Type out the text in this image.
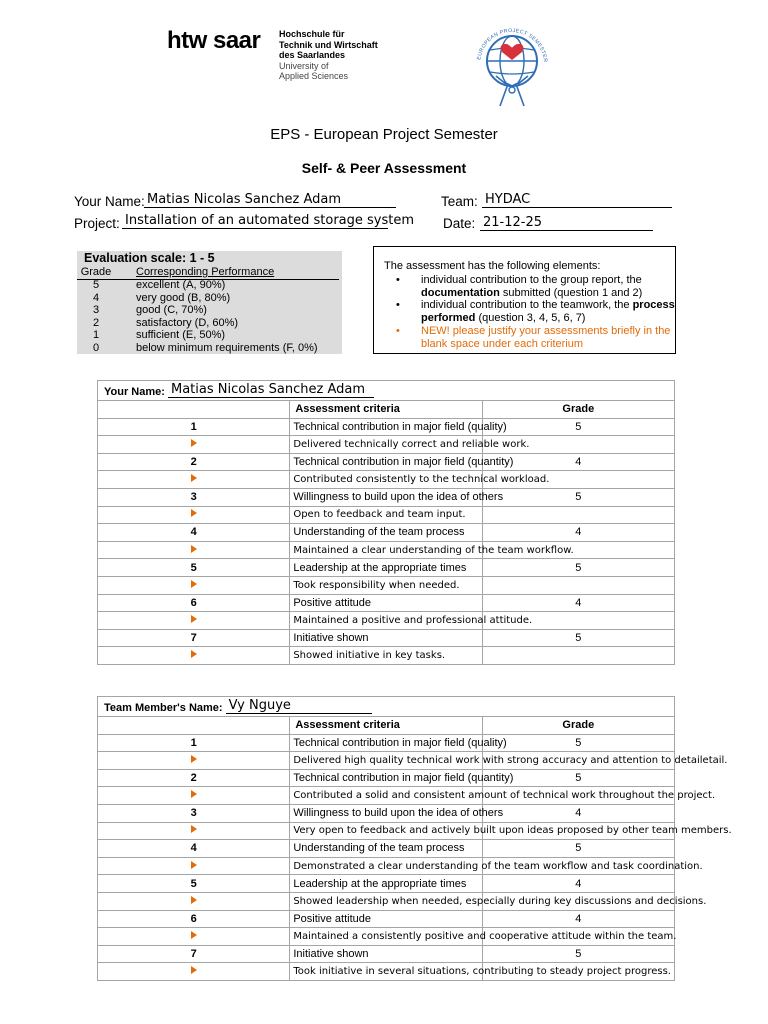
htw saar Hochschule für
Technik und Wirtschaft
des Saarlandes
University of
Applied Sciences
EUROPEAN PROJECT SEMESTER
EPS - European Project Semester
Self- & Peer Assessment
Your Name: Matias Nicolas Sanchez Adam	Team: HYDAC
Project: Installation of an automated storage system Date: 21-12-25
Evaluation scale: 1 - 5
Grade	Corresponding Performance
5	excellent (A, 90%)
4	very good (B, 80%)
3	good (C, 70%)
2	satisfactory (D, 60%)
1	sufficient (E, 50%)
0	below minimum requirements (F, 0%)
The assessment has the following elements:
• individual contribution to the group report, the documentation submitted (question 1 and 2)
• individual contribution to the teamwork, the process performed (question 3, 4, 5, 6, 7)
• NEW! please justify your assessments briefly in the blank space under each criterium
Your Name: Matias Nicolas Sanchez Adam		
	Assessment criteria	Grade
1	Technical contribution in major field (quality)	5
	Delivered technically correct and reliable work.	
2	Technical contribution in major field (quantity)	4
	Contributed consistently to the technical workload.	
3	Willingness to build upon the idea of others	5
	Open to feedback and team input.	
4	Understanding of the team process	4
	Maintained a clear understanding of the team workflow.	
5	Leadership at the appropriate times	5
	Took responsibility when needed.	
6	Positive attitude	4
	Maintained a positive and professional attitude.	
7	Initiative shown	5
	Showed initiative in key tasks.	
Team Member's Name: Vy Nguye		
	Assessment criteria	Grade
1	Technical contribution in major field (quality)	5
	Delivered high quality technical work with strong accuracy and attention to detailetail.	
2	Technical contribution in major field (quantity)	5
	Contributed a solid and consistent amount of technical work throughout the project.	
3	Willingness to build upon the idea of others	4
	Very open to feedback and actively built upon ideas proposed by other team members.	
4	Understanding of the team process	5
	Demonstrated a clear understanding of the team workflow and task coordination.	
5	Leadership at the appropriate times	4
	Showed leadership when needed, especially during key discussions and decisions.	
6	Positive attitude	4
	Maintained a consistently positive and cooperative attitude within the team.	
7	Initiative shown	5
	Took initiative in several situations, contributing to steady project progress.	
